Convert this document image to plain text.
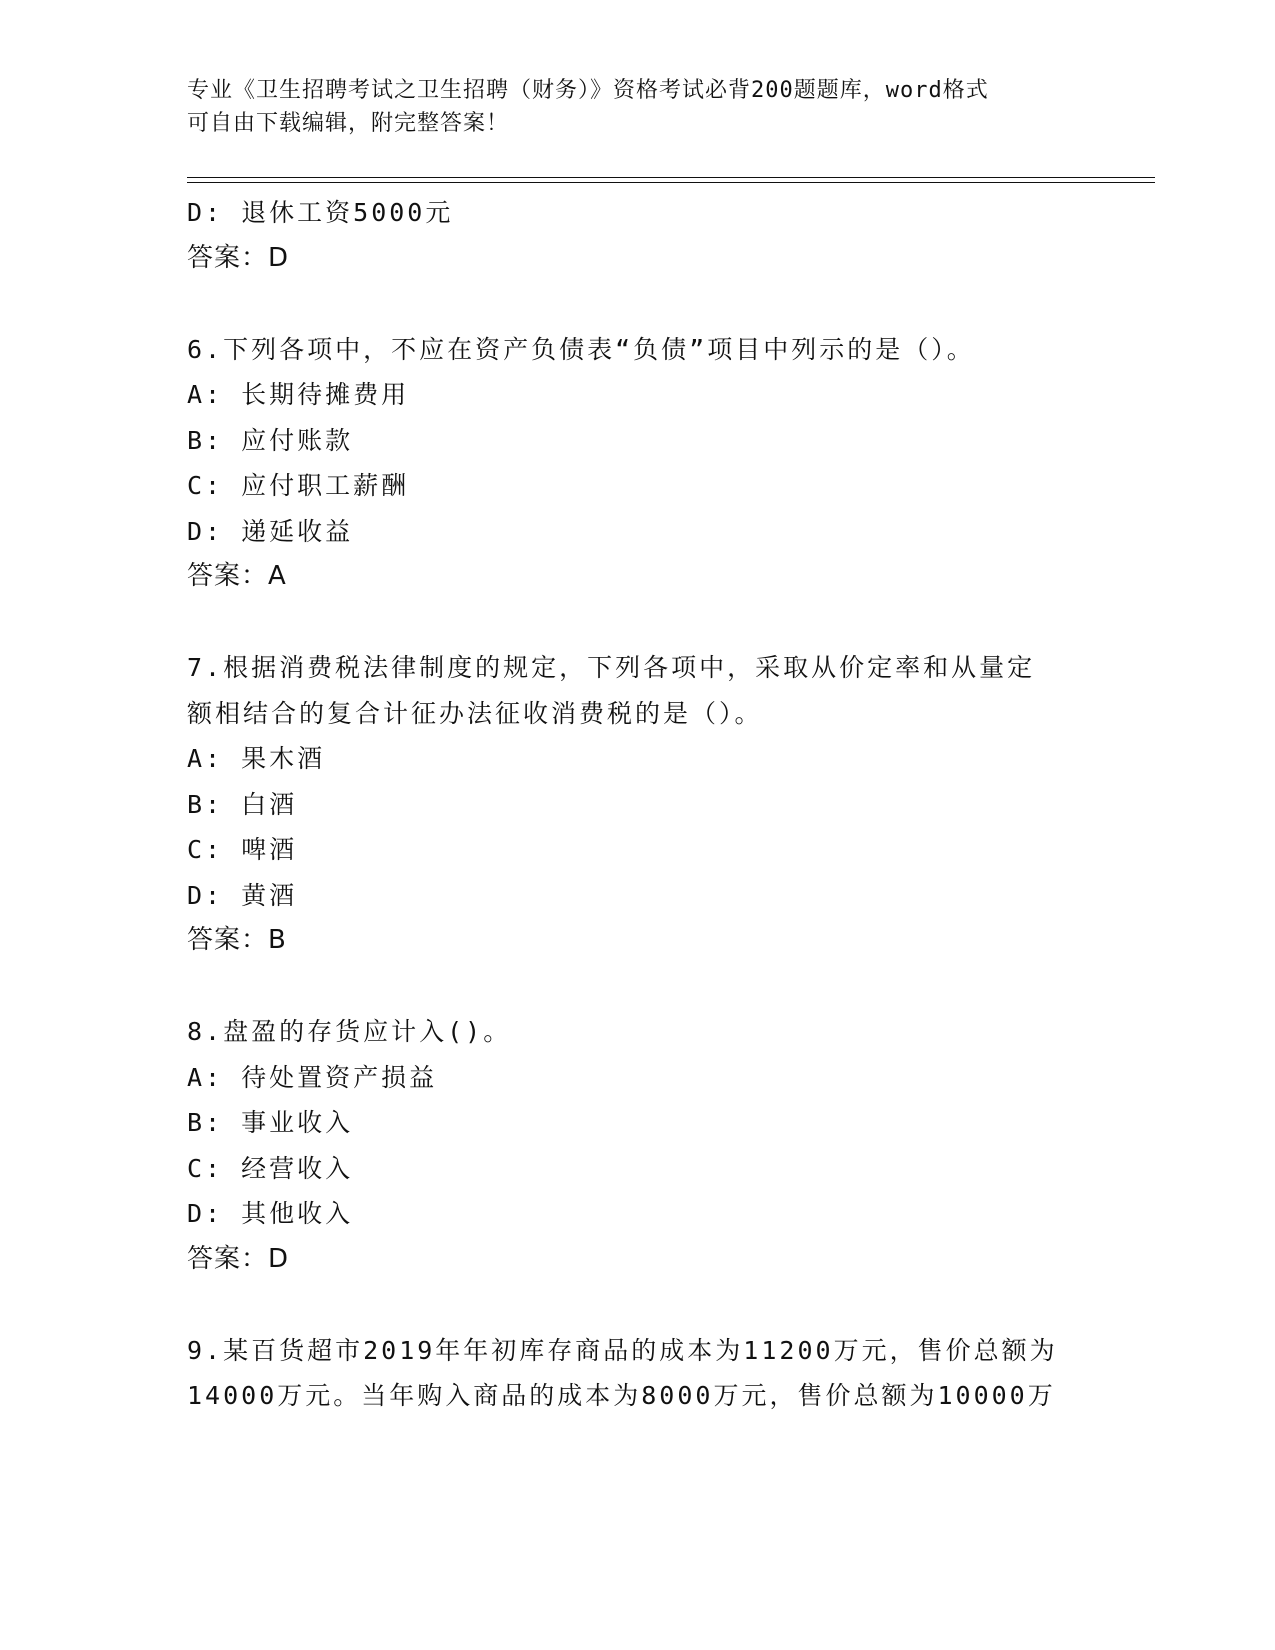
专业《卫生招聘考试之卫生招聘（财务）》资格考试必背200题题库，word格式
可自由下载编辑，附完整答案！
D: 退休工资5000元
答案：D
6.下列各项中，不应在资产负债表“负债”项目中列示的是（）。
A: 长期待摊费用
B: 应付账款
C: 应付职工薪酬
D: 递延收益
答案：A
7.根据消费税法律制度的规定，下列各项中，采取从价定率和从量定
额相结合的复合计征办法征收消费税的是（）。
A: 果木酒
B: 白酒
C: 啤酒
D: 黄酒
答案：B
8.盘盈的存货应计入()。
A: 待处置资产损益
B: 事业收入
C: 经营收入
D: 其他收入
答案：D
9.某百货超市2019年年初库存商品的成本为11200万元，售价总额为
14000万元。当年购入商品的成本为8000万元，售价总额为10000万
